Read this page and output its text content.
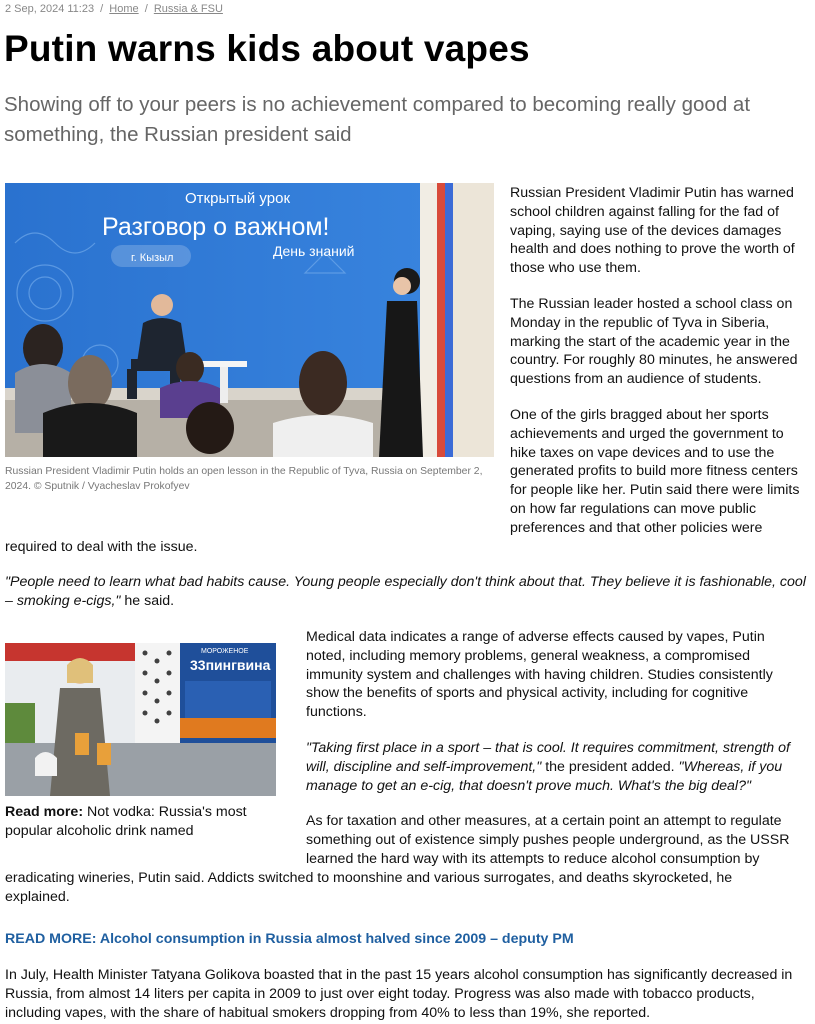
2 Sep, 2024 11:23 / Home / Russia & FSU
Putin warns kids about vapes

Showing off to your peers is no achievement compared to becoming really good at something, the Russian president said

Открытый урок
Разговор о важном!
День знаний
г. Кызыл
Russian President Vladimir Putin holds an open lesson in the Republic of Tyva, Russia on September 2, 2024. © Sputnik / Vyacheslav Prokofyev

Russian President Vladimir Putin has warned school children against falling for the fad of vaping, saying use of the devices damages health and does nothing to prove the worth of those who use them.

The Russian leader hosted a school class on Monday in the republic of Tyva in Siberia, marking the start of the academic year in the country. For roughly 80 minutes, he answered questions from an audience of students.

One of the girls bragged about her sports achievements and urged the government to hike taxes on vape devices and to use the generated profits to build more fitness centers for people like her. Putin said there were limits on how far regulations can move public preferences and that other policies were

required to deal with the issue.

"People need to learn what bad habits cause. Young people especially don't think about that. They believe it is fashionable, cool – smoking e-cigs," he said.

МОРОЖЕНОЕ
33пингвина
Read more: Not vodka: Russia's most popular alcoholic drink named

Medical data indicates a range of adverse effects caused by vapes, Putin noted, including memory problems, general weakness, a compromised immunity system and challenges with having children. Studies consistently show the benefits of sports and physical activity, including for cognitive functions.

"Taking first place in a sport – that is cool. It requires commitment, strength of will, discipline and self-improvement," the president added. "Whereas, if you manage to get an e-cig, that doesn't prove much. What's the big deal?"

As for taxation and other measures, at a certain point an attempt to regulate something out of existence simply pushes people underground, as the USSR learned the hard way with its attempts to reduce alcohol consumption by

eradicating wineries, Putin said. Addicts switched to moonshine and various surrogates, and deaths skyrocketed, he explained.

READ MORE: Alcohol consumption in Russia almost halved since 2009 – deputy PM

In July, Health Minister Tatyana Golikova boasted that in the past 15 years alcohol consumption has significantly decreased in Russia, from almost 14 liters per capita in 2009 to just over eight today. Progress was also made with tobacco products, including vapes, with the share of habitual smokers dropping from 40% to less than 19%, she reported.
